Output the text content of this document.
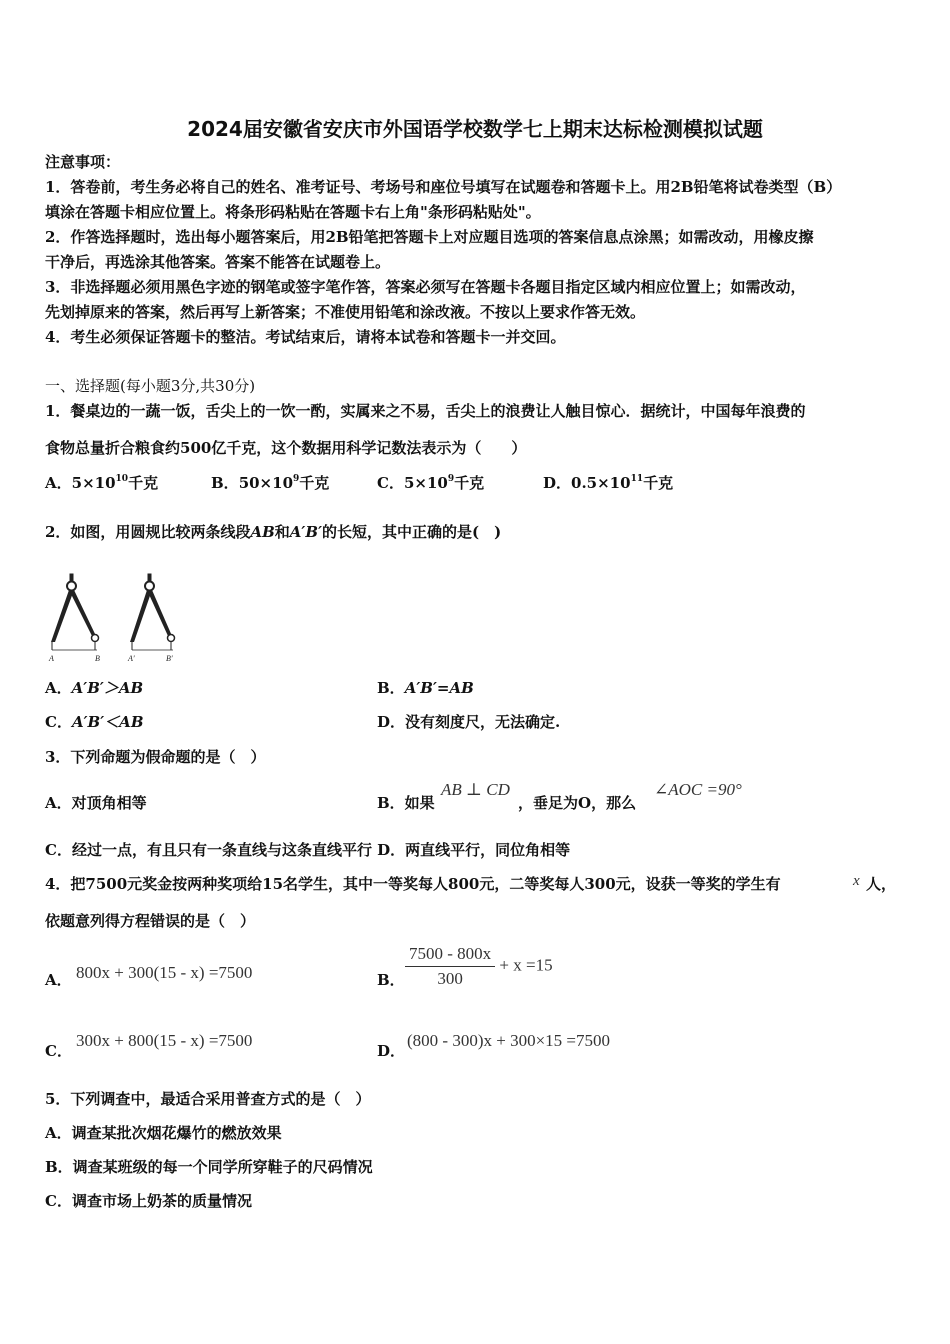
2024届安徽省安庆市外国语学校数学七上期末达标检测模拟试题
注意事项：
1．答卷前，考生务必将自己的姓名、准考证号、考场号和座位号填写在试题卷和答题卡上。用2B铅笔将试卷类型（B）
填涂在答题卡相应位置上。将条形码粘贴在答题卡右上角"条形码粘贴处"。
2．作答选择题时，选出每小题答案后，用2B铅笔把答题卡上对应题目选项的答案信息点涂黑；如需改动，用橡皮擦
干净后，再选涂其他答案。答案不能答在试题卷上。
3．非选择题必须用黑色字迹的钢笔或签字笔作答，答案必须写在答题卡各题目指定区域内相应位置上；如需改动，
先划掉原来的答案，然后再写上新答案；不准使用铅笔和涂改液。不按以上要求作答无效。
4．考生必须保证答题卡的整洁。考试结束后，请将本试卷和答题卡一并交回。
一、选择题(每小题3分,共30分)
1．餐桌边的一蔬一饭，舌尖上的一饮一酌，实属来之不易，舌尖上的浪费让人触目惊心．据统计，中国每年浪费的
食物总量折合粮食约500亿千克，这个数据用科学记数法表示为（　　）
A．$5\times 10^{10}$千克	B．$50\times 10^9$千克	C．$5\times 10^9$千克	D．$0.5\times 10^{11}$千克
2．如图，用圆规比较两条线段AB和A′B′的长短，其中正确的是(　)
A	B	A′	B′
A．A′B′＞AB	B．A′B′=AB
C．A′B′＜AB	D．没有刻度尺，无法确定.
3．下列命题为假命题的是（　）
A．对顶角相等	B．如果
AB ⊥ CD
，垂足为O，那么
∠AOC =90°
C．经过一点，有且只有一条直线与这条直线平行 D．两直线平行，同位角相等
4．把7500元奖金按两种奖项给15名学生，其中一等奖每人800元，二等奖每人300元，设获一等奖的学生有	x 人，
依题意列得方程错误的是（　）
A． 800x + 300(15 - x) =7500	B． $\frac{7500 - 800x}{300} + x =15$
C．
300x + 800(15 - x) =7500
D．
(800 - 300)x + 300×15 =7500
5．下列调查中，最适合采用普查方式的是（　）
A．调查某批次烟花爆竹的燃放效果
B．调查某班级的每一个同学所穿鞋子的尺码情况
C．调查市场上奶茶的质量情况
